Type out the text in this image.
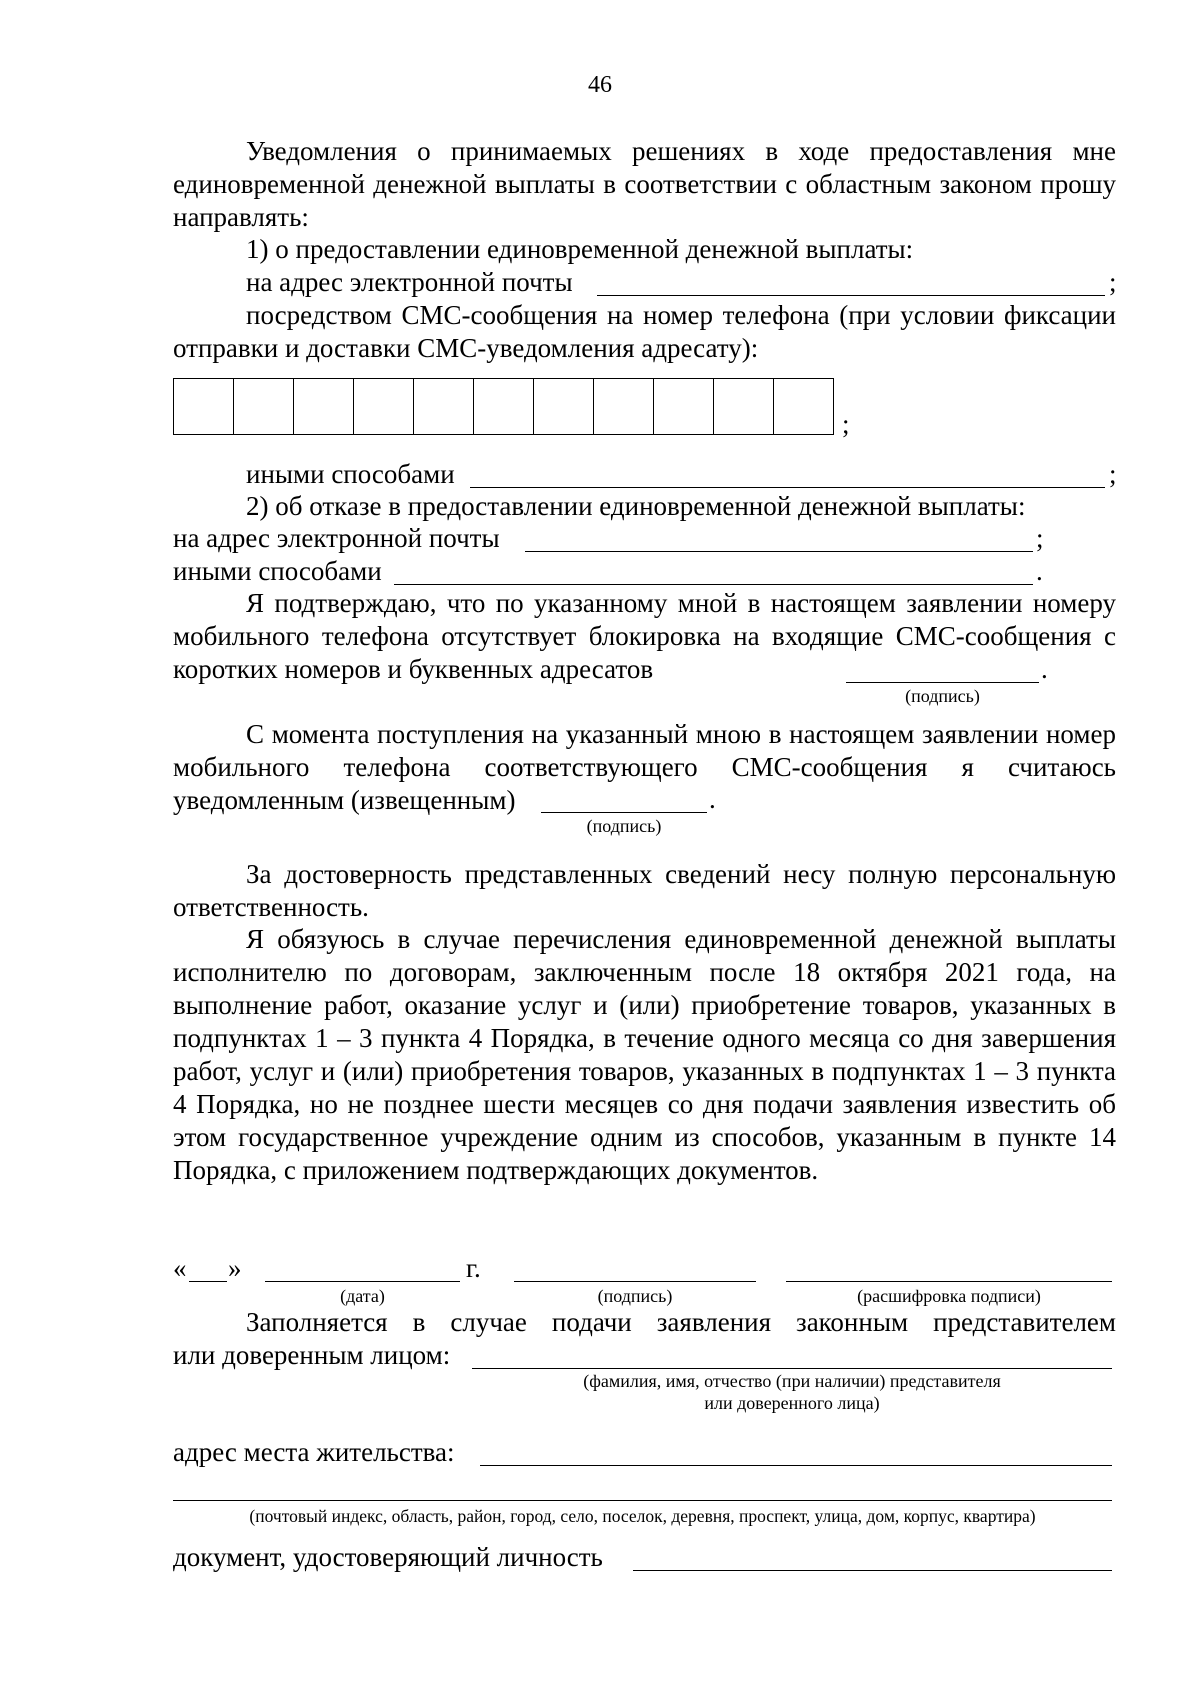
46
Уведомления о принимаемых решениях в ходе предоставления мне единовременной денежной выплаты в соответствии с областным законом прошу направлять:
1) о предоставлении единовременной денежной выплаты:
на адрес электронной почты	;
посредством СМС-сообщения на номер телефона (при условии фиксации отправки и доставки СМС-уведомления адресату):
;
иными способами	;
2) об отказе в предоставлении единовременной денежной выплаты:
на адрес электронной почты	;
иными способами	.
Я подтверждаю, что по указанному мной в настоящем заявлении номеру мобильного телефона отсутствует блокировка на входящие СМС-сообщения с коротких номеров и буквенных адресатов	.
(подпись)
С момента поступления на указанный мною в настоящем заявлении номер мобильного телефона соответствующего СМС-сообщения я считаюсь уведомленным (извещенным)	.
(подпись)
За достоверность представленных сведений несу полную персональную ответственность.
Я обязуюсь в случае перечисления единовременной денежной выплаты исполнителю по договорам, заключенным после 18 октября 2021 года, на выполнение работ, оказание услуг и (или) приобретение товаров, указанных в подпунктах 1 – 3 пункта 4 Порядка, в течение одного месяца со дня завершения работ, услуг и (или) приобретения товаров, указанных в подпунктах 1 – 3 пункта 4 Порядка, но не позднее шести месяцев со дня подачи заявления известить об этом государственное учреждение одним из способов, указанным в пункте 14 Порядка, с приложением подтверждающих документов.
« »	г.
(дата)	(подпись)	(расшифровка подписи)
Заполняется в случае подачи заявления законным представителем
или доверенным лицом:
(фамилия, имя, отчество (при наличии) представителя
или доверенного лица)
адрес места жительства:
(почтовый индекс, область, район, город, село, поселок, деревня, проспект, улица, дом, корпус, квартира)
документ, удостоверяющий личность
